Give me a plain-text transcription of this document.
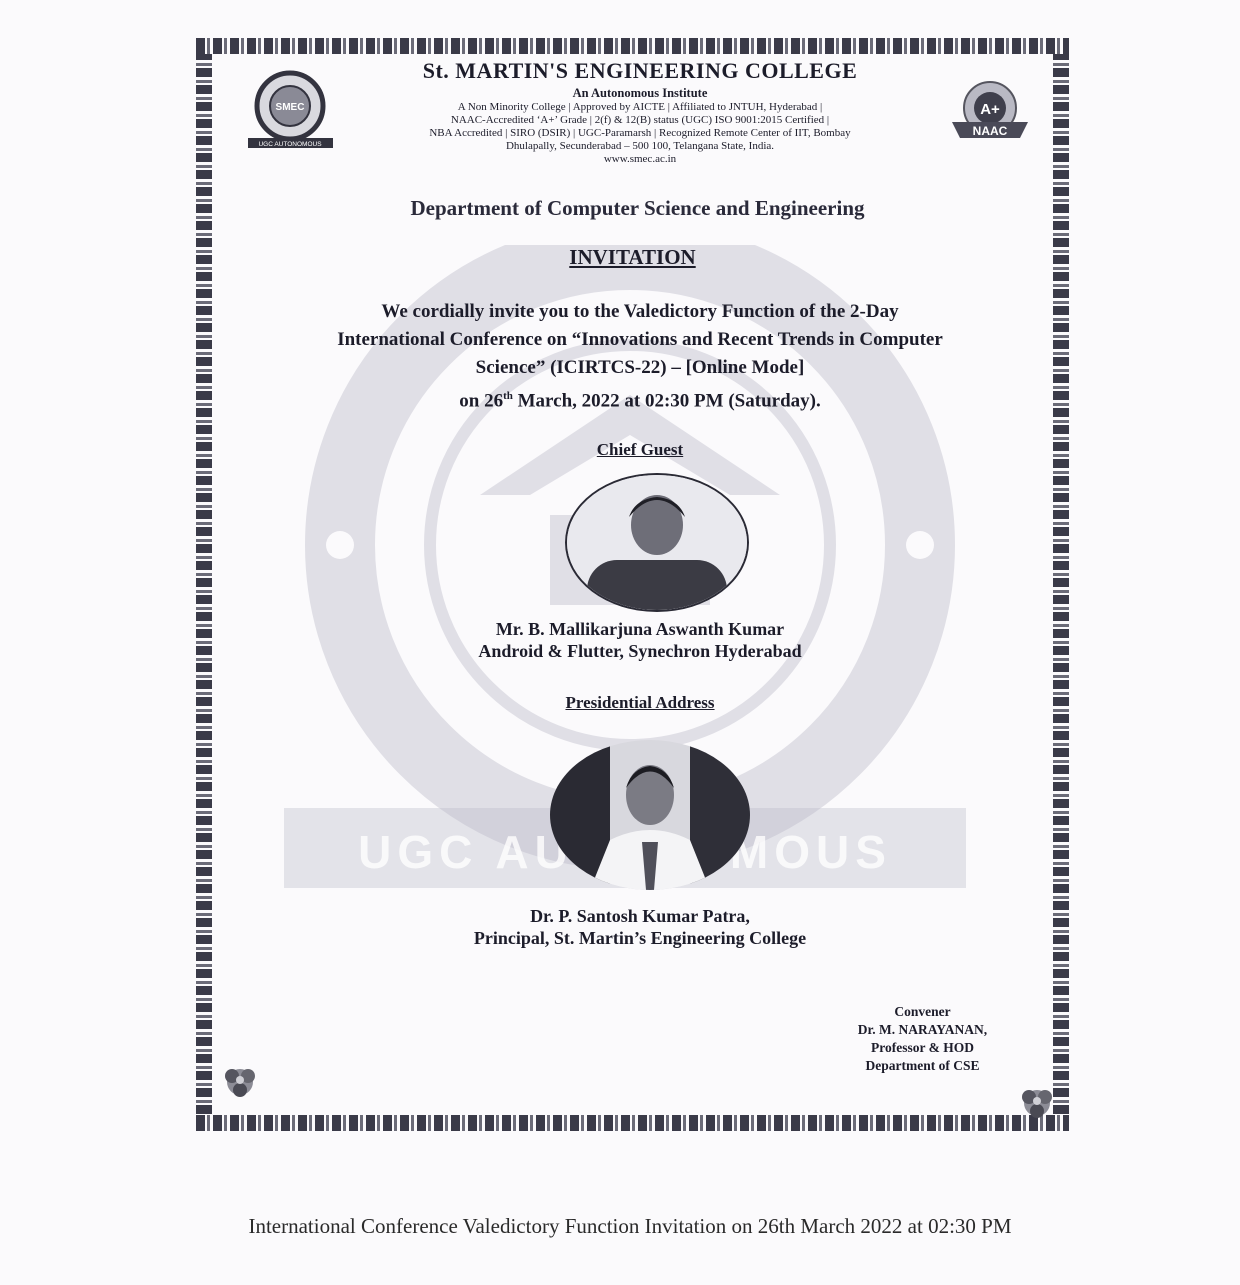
SMEC
UGC AUTONOMOUS
A+
NAAC
St. MARTIN'S ENGINEERING COLLEGE
An Autonomous Institute
A Non Minority College | Approved by AICTE | Affiliated to JNTUH, Hyderabad |
NAAC-Accredited ‘A+’ Grade | 2(f) & 12(B) status (UGC) ISO 9001:2015 Certified |
NBA Accredited | SIRO (DSIR) | UGC-Paramarsh | Recognized Remote Center of IIT, Bombay
Dhulapally, Secunderabad – 500 100, Telangana State, India.
www.smec.ac.in
Department of Computer Science and Engineering
INVITATION
We cordially invite you to the Valedictory Function of the 2-Day
International Conference on “Innovations and Recent Trends in Computer
Science” (ICIRTCS-22) – [Online Mode]
on 26th March, 2022 at 02:30 PM (Saturday).
Chief Guest
Mr. B. Mallikarjuna Aswanth Kumar
Android & Flutter, Synechron Hyderabad
Presidential Address
Dr. P. Santosh Kumar Patra,
Principal, St. Martin’s Engineering College
Convener
Dr. M. NARAYANAN,
Professor & HOD
Department of CSE
International Conference Valedictory Function Invitation on 26th March 2022 at 02:30 PM
